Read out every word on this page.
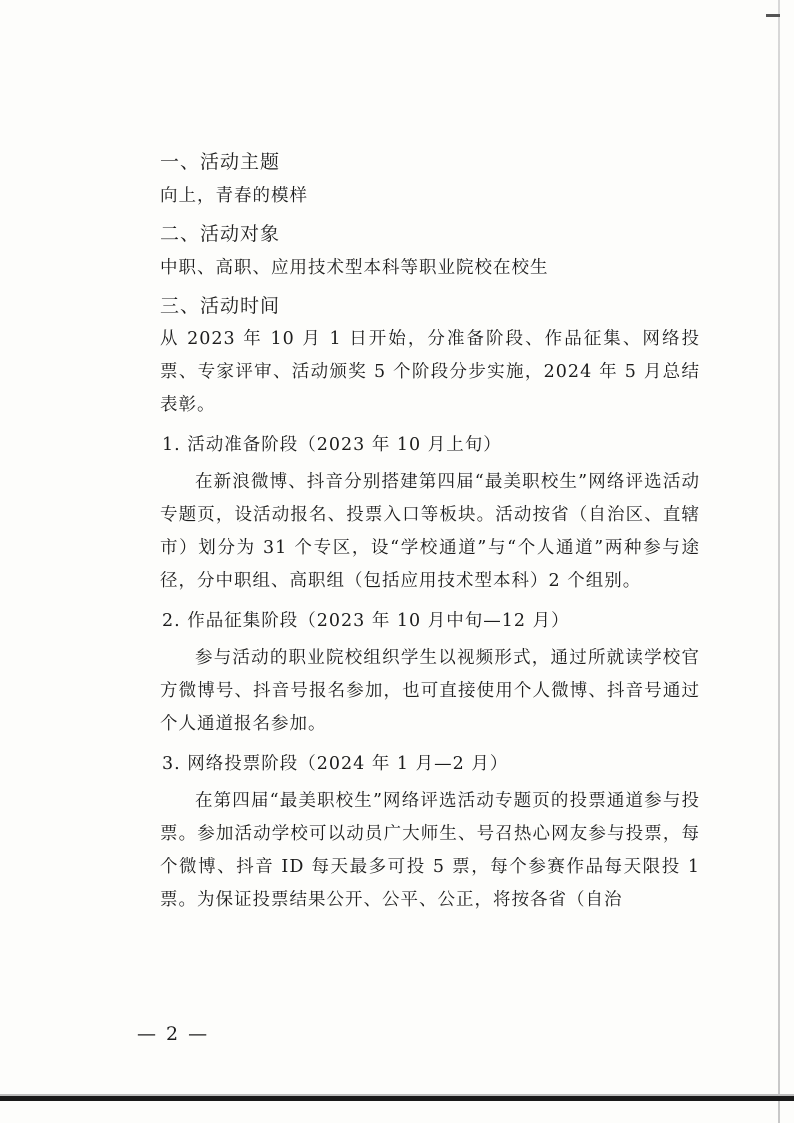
一、活动主题
向上，青春的模样
二、活动对象
中职、高职、应用技术型本科等职业院校在校生
三、活动时间
从 2023 年 10 月 1 日开始，分准备阶段、作品征集、网络投票、专家评审、活动颁奖 5 个阶段分步实施，2024 年 5 月总结表彰。
1. 活动准备阶段（2023 年 10 月上旬）
在新浪微博、抖音分别搭建第四届“最美职校生”网络评选活动专题页，设活动报名、投票入口等板块。活动按省（自治区、直辖市）划分为 31 个专区，设“学校通道”与“个人通道”两种参与途径，分中职组、高职组（包括应用技术型本科）2 个组别。
2. 作品征集阶段（2023 年 10 月中旬—12 月）
参与活动的职业院校组织学生以视频形式，通过所就读学校官方微博号、抖音号报名参加，也可直接使用个人微博、抖音号通过个人通道报名参加。
3. 网络投票阶段（2024 年 1 月—2 月）
在第四届“最美职校生”网络评选活动专题页的投票通道参与投票。参加活动学校可以动员广大师生、号召热心网友参与投票，每个微博、抖音 ID 每天最多可投 5 票，每个参赛作品每天限投 1 票。为保证投票结果公开、公平、公正，将按各省（自治
— 2 —
